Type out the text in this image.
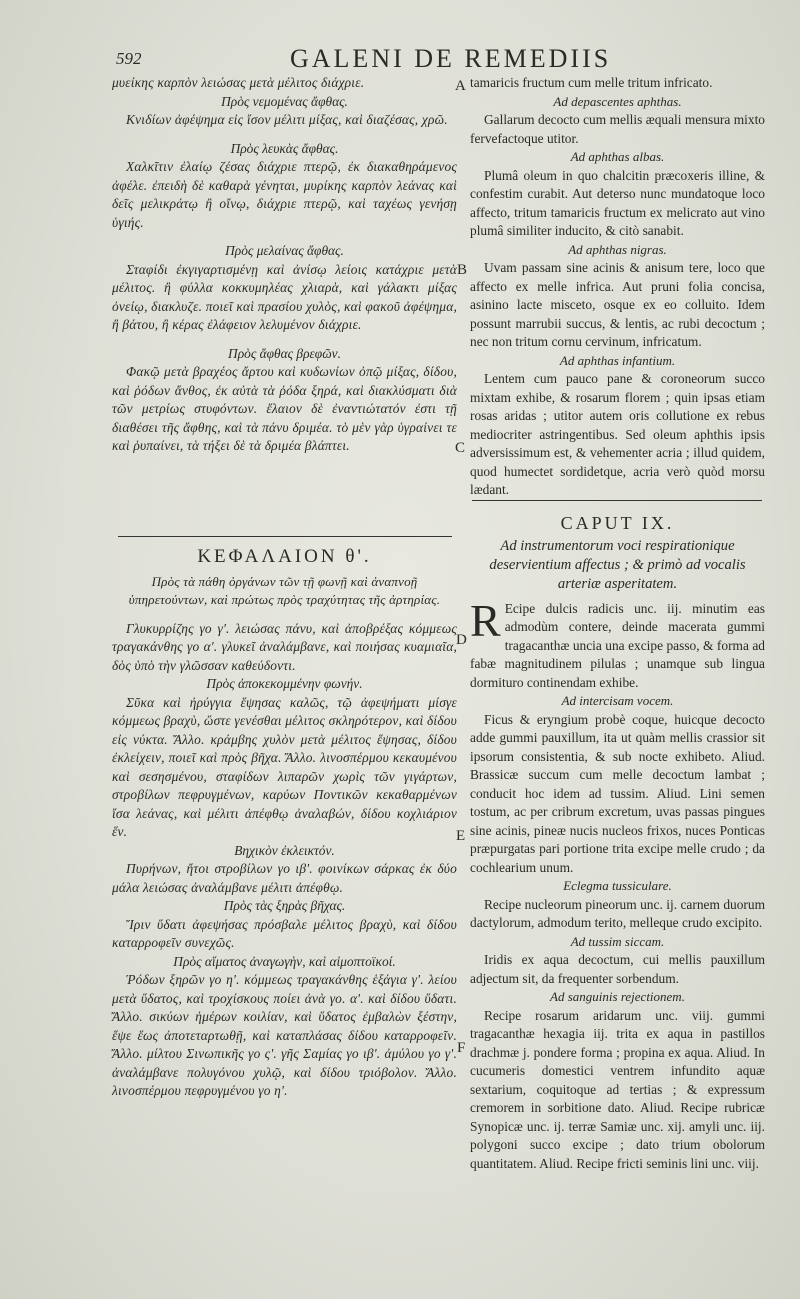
592	GALENI DE REMEDIIS
A
B
C
D
E
F

μυείκης καρπὸν λειώσας μετὰ μέλιτος διάχριε.

Πρὸς νεμομένας ἄφθας.

Κνιδίων ἀφέψημα εἰς ἴσον μέλιτι μίξας, καὶ διαζέσας, χρῶ.

Πρὸς λευκὰς ἄφθας.

Χαλκῖτιν ἐλαίῳ ζέσας διάχριε πτερῷ, ἐκ διακαθηράμενος ἀφέλε. ἐπειδὴ δὲ καθαρὰ γένηται, μυρίκης καρπὸν λεάνας καὶ δεῖς μελικράτῳ ἢ οἴνῳ, διάχριε πτερῷ, καὶ ταχέως γενήσῃ ὑγιής.

Πρὸς μελαίνας ἄφθας.

Σταφίδι ἐκγιγαρτισμένῃ καὶ ἀνίσῳ λείοις κατάχριε μετὰ μέλιτος. ἢ φύλλα κοκκυμηλέας χλιαρὰ, καὶ γάλακτι μίξας ὀνείῳ, διακλυζε. ποιεῖ καὶ πρασίου χυλὸς, καὶ φακοῦ ἀφέψημα, ἢ βάτου, ἢ κέρας ἐλάφειον λελυμένον διάχριε.

Πρὸς ἄφθας βρεφῶν.

Φακῷ μετὰ βραχέος ἄρτου καὶ κυδωνίων ὀπῷ μίξας, δίδου, καὶ ῥόδων ἄνθος, ἐκ αὐτὰ τὰ ῥόδα ξηρά, καὶ διακλύσματι διὰ τῶν μετρίως στυφόντων. ἔλαιον δὲ ἐναντιώτατόν ἐστι τῇ διαθέσει τῆς ἄφθης, καὶ τὰ πάνυ δριμέα. τὸ μὲν γὰρ ὑγραίνει τε καὶ ῥυπαίνει, τὰ τήξει δὲ τὰ δριμέα βλάπτει.

ΚΕΦΑΛΑΙΟΝ θ'.
Πρὸς τὰ πάθη ὀργάνων τῶν τῇ φωνῇ καὶ ἀναπνοῇ ὑπηρετούντων, καὶ πρώτως πρὸς τραχύτητας τῆς ἀρτηρίας.

Γλυκυρρίζης γο γ'. λειώσας πάνυ, καὶ ἀποβρέξας κόμμεως τραγακάνθης γο α'. γλυκεῖ ἀναλάμβανε, καὶ ποιήσας κυαμιαῖα, δὸς ὑπὸ τὴν γλῶσσαν καθεύδοντι.

Πρὸς ἀποκεκομμένην φωνήν.

Σῦκα καὶ ἠρύγγια ἕψησας καλῶς, τῷ ἀφεψήματι μίσγε κόμμεως βραχὺ, ὥστε γενέσθαι μέλιτος σκληρότερον, καὶ δίδου εἰς νύκτα. Ἄλλο. κράμβης χυλὸν μετὰ μέλιτος ἕψησας, δίδου ἐκλείχειν, ποιεῖ καὶ πρὸς βῆχα. Ἄλλο. λινοσπέρμου κεκαυμένου καὶ σεσησμένου, σταφίδων λιπαρῶν χωρὶς τῶν γιγάρτων, στροβίλων πεφρυγμένων, καρύων Ποντικῶν κεκαθαρμένων ἴσα λεάνας, καὶ μέλιτι ἀπέφθῳ ἀναλαβών, δίδου κοχλιάριον ἕν.

Βηχικὸν ἐκλεικτόν.

Πυρήνων, ἤτοι στροβίλων γο ιβ'. φοινίκων σάρκας ἐκ δύο μάλα λειώσας ἀναλάμβανε μέλιτι ἀπέφθῳ.

Πρὸς τὰς ξηρὰς βῆχας.

Ἴριν ὕδατι ἀφεψήσας πρόσβαλε μέλιτος βραχὺ, καὶ δίδου καταρροφεῖν συνεχῶς.

Πρὸς αἵματος ἀναγωγὴν, καὶ αἱμοπτοϊκοί.

Ῥόδων ξηρῶν γο η'. κόμμεως τραγακάνθης ἑξάγια γ'. λείου μετὰ ὕδατος, καὶ τροχίσκους ποίει ἀνὰ γο. α'. καὶ δίδου ὕδατι. Ἄλλο. σικύων ἡμέρων κοιλίαν, καὶ ὕδατος ἐμβαλὼν ξέστην, ἕψε ἕως ἀποτεταρτωθῇ, καὶ καταπλάσας δίδου καταρροφεῖν. Ἄλλο. μίλτου Σινωπικῆς γο ς'. γῆς Σαμίας γο ιβ'. ἀμύλου γο γ'. ἀναλάμβανε πολυγόνου χυλῷ, καὶ δίδου τριόβολον. Ἄλλο. λινοσπέρμου πεφρυγμένου γο η'.

tamaricis fructum cum melle tritum infricato.

Ad depascentes aphthas.

Gallarum decocto cum mellis æquali mensura mixto fervefactoque utitor.

Ad aphthas albas.

Plumâ oleum in quo chalcitin præcoxeris illine, & confestim curabit. Aut deterso nunc mundatoque loco affecto, tritum tamaricis fructum ex melicrato aut vino plumâ similiter inducito, & citò sanabit.

Ad aphthas nigras.

Uvam passam sine acinis & anisum tere, loco que affecto ex melle infrica. Aut pruni folia concisa, asinino lacte misceto, osque ex eo colluito. Idem possunt marrubii succus, & lentis, ac rubi decoctum ; nec non tritum cornu cervinum, infricatum.

Ad aphthas infantium.

Lentem cum pauco pane & coroneorum succo mixtam exhibe, & rosarum florem ; quin ipsas etiam rosas aridas ; utitor autem oris collutione ex rebus mediocriter astringentibus. Sed oleum aphthis ipsis adversissimum est, & vehementer acria ; illud quidem, quod humectet sordidetque, acria verò quòd morsu lædant.

CAPUT IX.
Ad instrumentorum voci respirationique deservientium affectus ; & primò ad vocalis arteriæ asperitatem.

R Ecipe dulcis radicis unc. iij. minutim eas admodùm contere, deinde macerata gummi tragacanthæ uncia una excipe passo, & forma ad fabæ magnitudinem pilulas ; unamque sub lingua dormituro continendam exhibe.

Ad intercisam vocem.

Ficus & eryngium probè coque, huicque decocto adde gummi pauxillum, ita ut quàm mellis crassior sit ipsorum consistentia, & sub nocte exhibeto. Aliud. Brassicæ succum cum melle decoctum lambat ; conducit hoc idem ad tussim. Aliud. Lini semen tostum, ac per cribrum excretum, uvas passas pingues sine acinis, pineæ nucis nucleos frixos, nuces Ponticas præpurgatas pari portione trita excipe melle crudo ; da cochlearium unum.

Eclegma tussiculare.

Recipe nucleorum pineorum unc. ij. carnem duorum dactylorum, admodum terito, melleque crudo excipito.

Ad tussim siccam.

Iridis ex aqua decoctum, cui mellis pauxillum adjectum sit, da frequenter sorbendum.

Ad sanguinis rejectionem.

Recipe rosarum aridarum unc. viij. gummi tragacanthæ hexagia iij. trita ex aqua in pastillos drachmæ j. pondere forma ; propina ex aqua. Aliud. In cucumeris domestici ventrem infundito aquæ sextarium, coquitoque ad tertias ; & expressum cremorem in sorbitione dato. Aliud. Recipe rubricæ Synopicæ unc. ij. terræ Samiæ unc. xij. amyli unc. iij. polygoni succo excipe ; dato trium obolorum quantitatem. Aliud. Recipe fricti seminis lini unc. viij.
